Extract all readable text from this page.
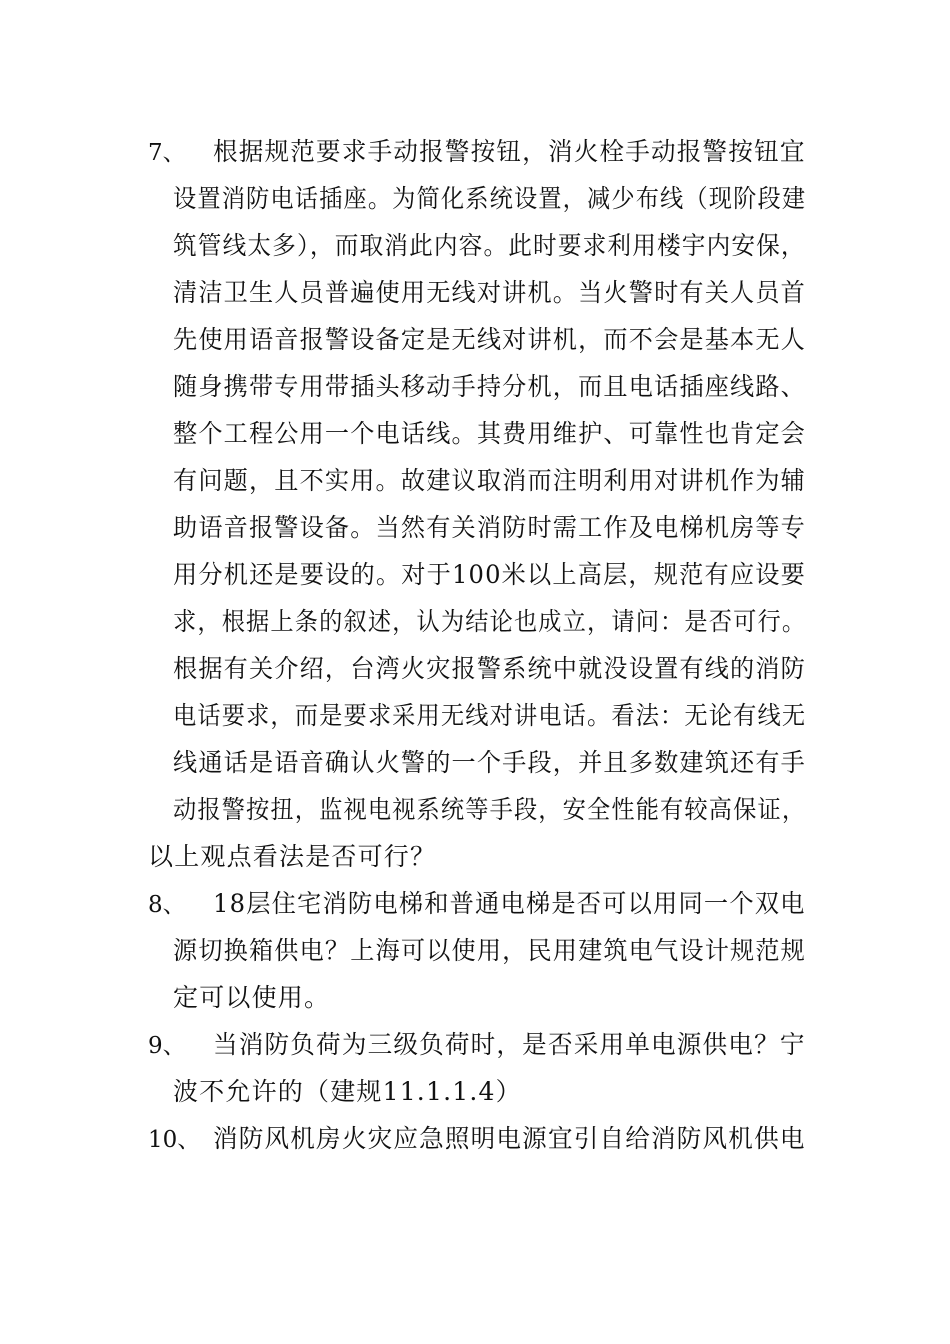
7、 根据规范要求手动报警按钮，消火栓手动报警按钮宜
设置消防电话插座。为简化系统设置，减少布线（现阶段建
筑管线太多），而取消此内容。此时要求利用楼宇内安保，
清洁卫生人员普遍使用无线对讲机。当火警时有关人员首
先使用语音报警设备定是无线对讲机，而不会是基本无人
随身携带专用带插头移动手持分机，而且电话插座线路、
整个工程公用一个电话线。其费用维护、可靠性也肯定会
有问题，且不实用。故建议取消而注明利用对讲机作为辅
助语音报警设备。当然有关消防时需工作及电梯机房等专
用分机还是要设的。对于100米以上高层，规范有应设要
求，根据上条的叙述，认为结论也成立，请问：是否可行。
根据有关介绍，台湾火灾报警系统中就没设置有线的消防
电话要求，而是要求采用无线对讲电话。看法：无论有线无
线通话是语音确认火警的一个手段，并且多数建筑还有手
动报警按扭，监视电视系统等手段，安全性能有较高保证，
以上观点看法是否可行？
8、 18层住宅消防电梯和普通电梯是否可以用同一个双电
源切换箱供电？上海可以使用，民用建筑电气设计规范规
定可以使用。
9、 当消防负荷为三级负荷时，是否采用单电源供电？宁
波不允许的（建规11.1.1.4）
10、 消防风机房火灾应急照明电源宜引自给消防风机供电
